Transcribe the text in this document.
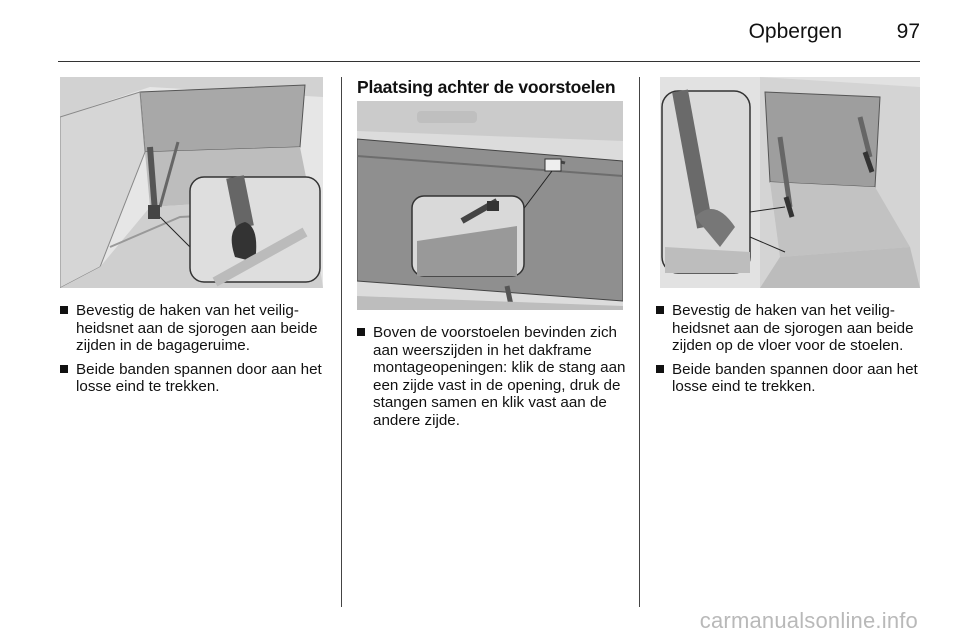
Opbergen	97
Bevestig de haken van het veiligheidsnet aan de sjorogen aan beide zijden in de bagageruime.
Beide banden spannen door aan het losse eind te trekken.
Plaatsing achter de voorstoelen
Boven de voorstoelen bevinden zich aan weerszijden in het dakframe montageopeningen: klik de stang aan een zijde vast in de opening, druk de stangen samen en klik vast aan de andere zijde.
Bevestig de haken van het veiligheidsnet aan de sjorogen aan beide zijden op de vloer voor de stoelen.
Beide banden spannen door aan het losse eind te trekken.
carmanualsonline.info
